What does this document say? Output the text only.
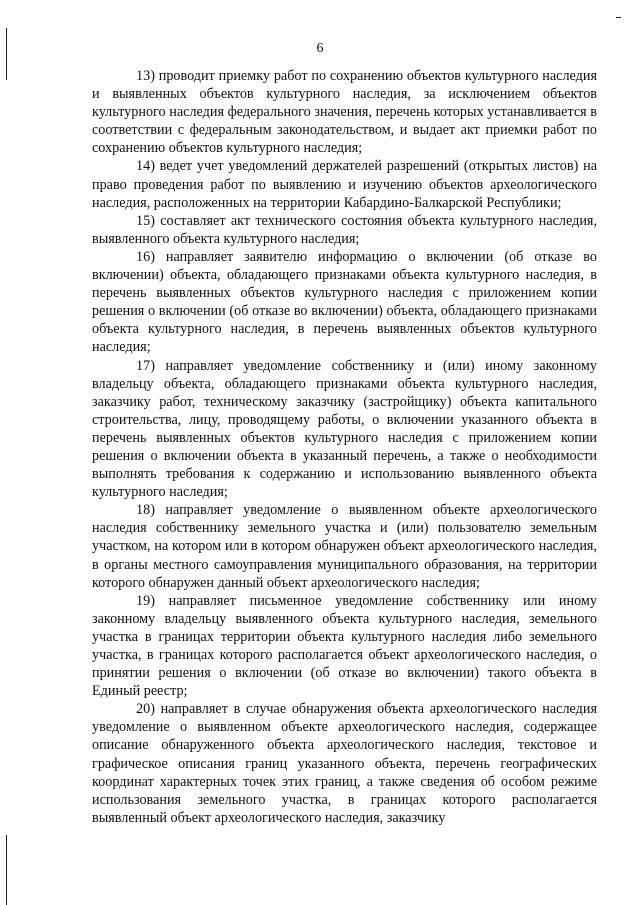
6

13) проводит приемку работ по сохранению объектов культурного наследия и выявленных объектов культурного наследия, за исключением объектов культурного наследия федерального значения, перечень которых устанавливается в соответствии с федеральным законодательством, и выдает акт приемки работ по сохранению объектов культурного наследия;

14) ведет учет уведомлений держателей разрешений (открытых листов) на право проведения работ по выявлению и изучению объектов археологического наследия, расположенных на территории Кабардино-Балкарской Республики;

15) составляет акт технического состояния объекта культурного наследия, выявленного объекта культурного наследия;

16) направляет заявителю информацию о включении (об отказе во включении) объекта, обладающего признаками объекта культурного наследия, в перечень выявленных объектов культурного наследия с приложением копии решения о включении (об отказе во включении) объекта, обладающего признаками объекта культурного наследия, в перечень выявленных объектов культурного наследия;

17) направляет уведомление собственнику и (или) иному законному владельцу объекта, обладающего признаками объекта культурного наследия, заказчику работ, техническому заказчику (застройщику) объекта капитального строительства, лицу, проводящему работы, о включении указанного объекта в перечень выявленных объектов культурного наследия с приложением копии решения о включении объекта в указанный перечень, а также о необходимости выполнять требования к содержанию и использованию выявленного объекта культурного наследия;

18) направляет уведомление о выявленном объекте археологического наследия собственнику земельного участка и (или) пользователю земельным участком, на котором или в котором обнаружен объект археологического наследия, в органы местного самоуправления муниципального образования, на территории которого обнаружен данный объект археологического наследия;

19) направляет письменное уведомление собственнику или иному законному владельцу выявленного объекта культурного наследия, земельного участка в границах территории объекта культурного наследия либо земельного участка, в границах которого располагается объект археологического наследия, о принятии решения о включении (об отказе во включении) такого объекта в Единый реестр;

20) направляет в случае обнаружения объекта археологического наследия уведомление о выявленном объекте археологического наследия, содержащее описание обнаруженного объекта археологического наследия, текстовое и графическое описания границ указанного объекта, перечень географических координат характерных точек этих границ, а также сведения об особом режиме использования земельного участка, в границах которого располагается выявленный объект археологического наследия, заказчику
